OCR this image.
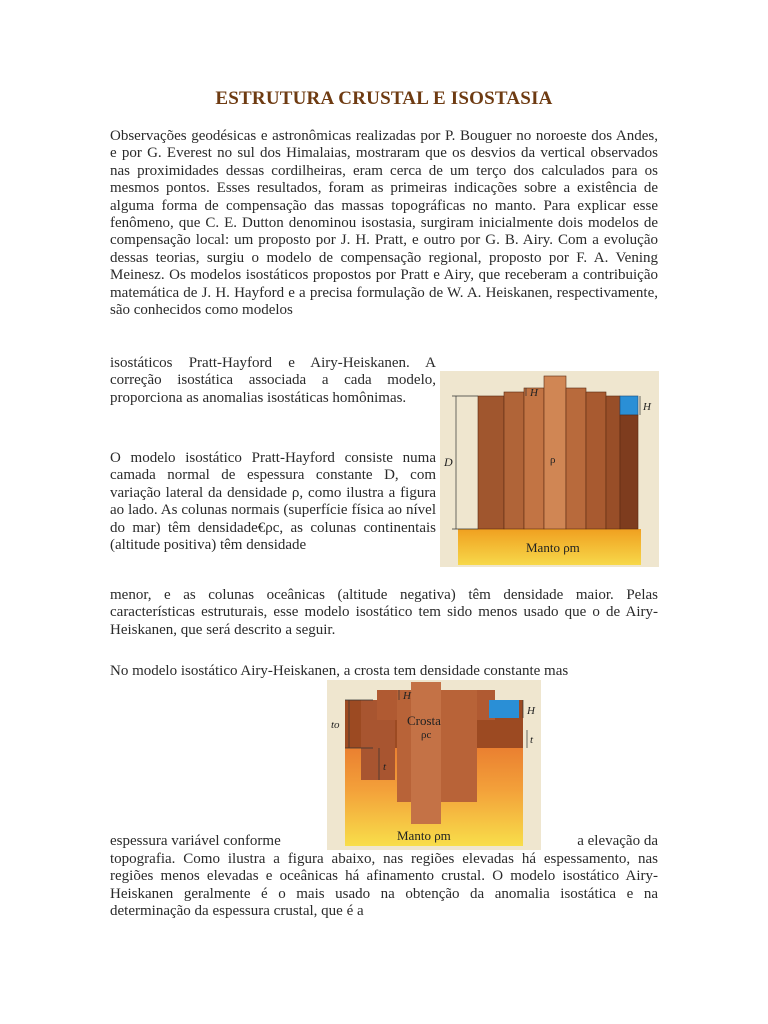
ESTRUTURA CRUSTAL E ISOSTASIA
Observações geodésicas e astronômicas realizadas por P. Bouguer no noroeste dos Andes, e por G. Everest no sul dos Himalaias, mostraram que os desvios da vertical observados nas proximidades dessas cordilheiras, eram cerca de um terço dos calculados para os mesmos pontos. Esses resultados, foram as primeiras indicações sobre a existência de alguma forma de compensação das massas topográficas no manto. Para explicar esse fenômeno, que C. E. Dutton denominou isostasia, surgiram inicialmente dois modelos de compensação local: um proposto por J. H. Pratt, e outro por G. B. Airy. Com a evolução dessas teorias, surgiu o modelo de compensação regional, proposto por F. A. Vening Meinesz. Os modelos isostáticos propostos por Pratt e Airy, que receberam a contribuição matemática de J. H. Hayford e a precisa formulação de W. A. Heiskanen, respectivamente, são conhecidos como modelos
isostáticos Pratt-Hayford e Airy-Heiskanen. A correção isostática associada a cada modelo, proporciona as anomalias isostáticas homônimas.
O modelo isostático Pratt-Hayford consiste numa camada normal de espessura constante D, com variação lateral da densidade ρ, como ilustra a figura ao lado. As colunas normais (superfície física ao nível do mar) têm densidade€ρc, as colunas continentais (altitude positiva) têm densidade
menor, e as colunas oceânicas (altitude negativa) têm densidade maior. Pelas características estruturais, esse modelo isostático tem sido menos usado que o de Airy-Heiskanen, que será descrito a seguir.
No modelo isostático Airy-Heiskanen, a crosta tem densidade constante mas
espessura variável conforme	a elevação da
topografia. Como ilustra a figura abaixo, nas regiões elevadas há espessamento, nas regiões menos elevadas e oceânicas há afinamento crustal. O modelo isostático Airy-Heiskanen geralmente é o mais usado na obtenção da anomalia isostática e na determinação da espessura crustal, que é a
D
H
H
ρ
Manto ρm
to
t
H
H
t
Crosta
ρc
Manto ρm
